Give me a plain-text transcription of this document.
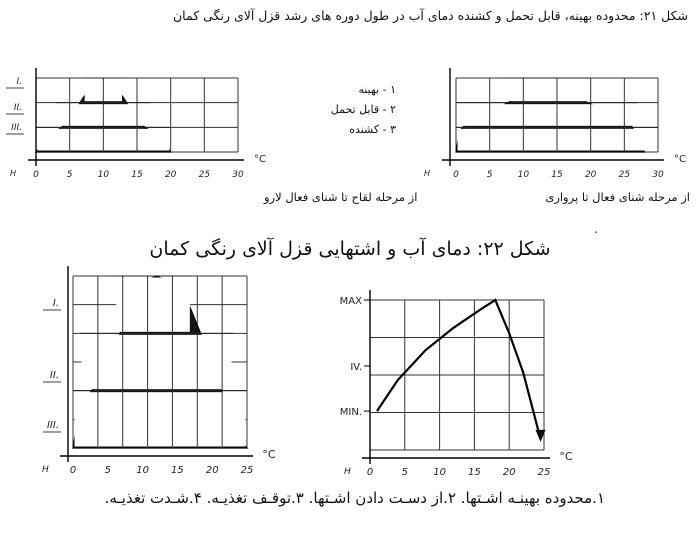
شکل ۲۱: محدوده بهینه، قابل تحمل و کشنده دمای آب در طول دوره های رشد قزل آلای رنگی کمان
۱ - بهینه
۲ - قابل تحمل
۳ - کشنده
از مرحله شنای فعال تا پرواری
از مرحله لقاح تا شنای فعال لارو
.
شکل ۲۲: دمای آب و اشتهایی قزل آلای رنگی کمان
۱.محدوده بهینـه اشـتها. ۲.از دسـت دادن اشـتها. ۳.توقـف تغذیـه. ۴.شـدت تغذیـه.
I.
II.
III.
0	5	10 15 20 25 30
°C
H	0	5	10 15 20 25 30
°C
H
I.
II.
III.
0	5	10 15 20 25
°C
H
MAX
IV.
MIN.
0	5	10 15 20 25
°C
H
